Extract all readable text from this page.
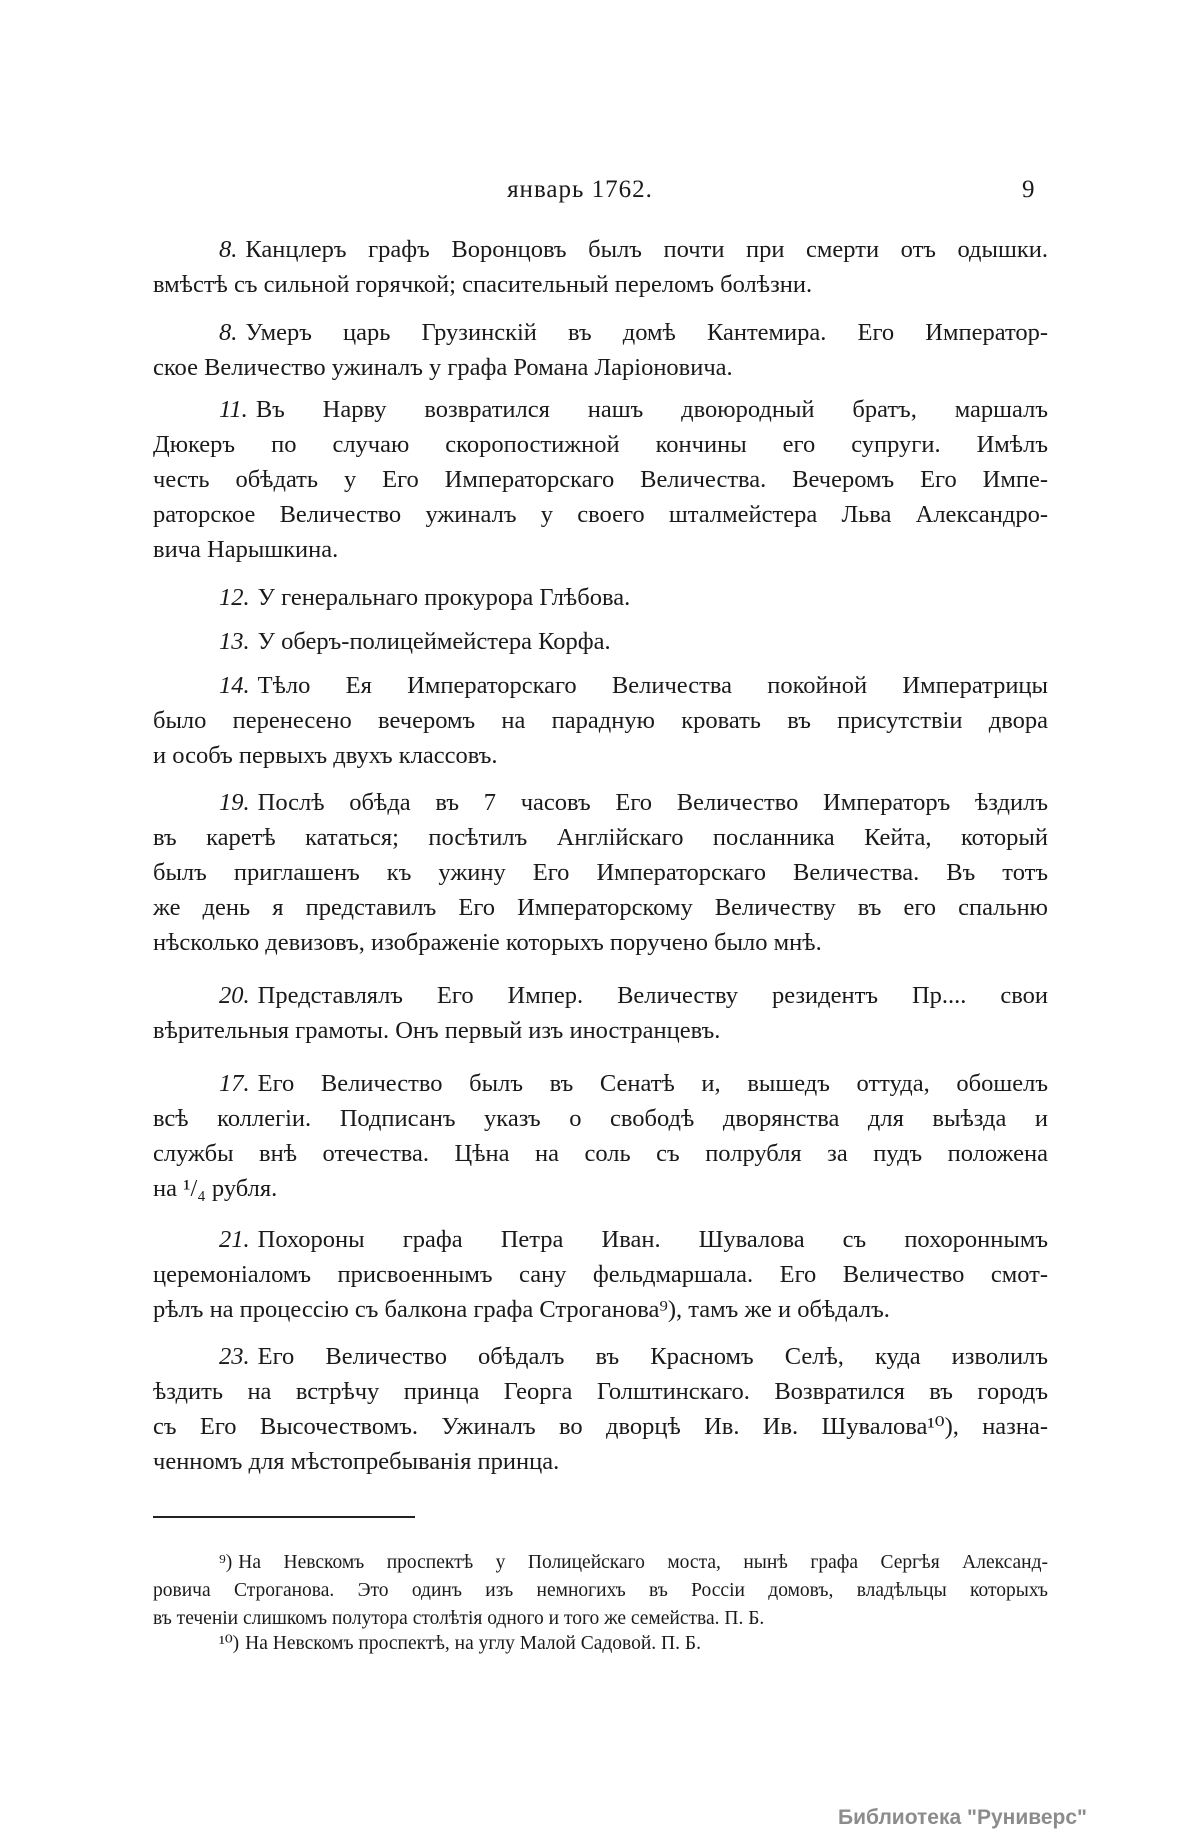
январь 1762.	9
8. Канцлеръ графъ Воронцовъ былъ почти при смерти отъ одышки.
вмѣстѣ съ сильной горячкой; спасительный переломъ болѣзни.
8. Умеръ царь Грузинскій въ домѣ Кантемира. Его Император-
ское Величество ужиналъ у графа Романа Ларіоновича.
11. Въ Нарву возвратился нашъ двоюродный братъ, маршалъ
Дюкеръ по случаю скоропостижной кончины его супруги. Имѣлъ
честь обѣдать у Его Императорскаго Величества. Вечеромъ Его Импе-
раторское Величество ужиналъ у своего шталмейстера Льва Александро-
вича Нарышкина.
12. У генеральнаго прокурора Глѣбова.
13. У оберъ-полицеймейстера Корфа.
14. Тѣло Ея Императорскаго Величества покойной Императрицы
было перенесено вечеромъ на парадную кровать въ присутствіи двора
и особъ первыхъ двухъ классовъ.
19. Послѣ обѣда въ 7 часовъ Его Величество Императоръ ѣздилъ
въ каретѣ кататься; посѣтилъ Англійскаго посланника Кейта, который
былъ приглашенъ къ ужину Его Императорскаго Величества. Въ тотъ
же день я представилъ Его Императорскому Величеству въ его спальню
нѣсколько девизовъ, изображеніе которыхъ поручено было мнѣ.
20. Представлялъ Его Импер. Величеству резидентъ Пр.... свои
вѣрительныя грамоты. Онъ первый изъ иностранцевъ.
17. Его Величество былъ въ Сенатѣ и, вышедъ оттуда, обошелъ
всѣ коллегіи. Подписанъ указъ о свободѣ дворянства для выѣзда и
службы внѣ отечества. Цѣна на соль съ полрубля за пудъ положена
на ¹/₄ рубля.
21. Похороны графа Петра Иван. Шувалова съ похороннымъ
церемоніаломъ присвоеннымъ сану фельдмаршала. Его Величество смот-
рѣлъ на процессію съ балкона графа Строганова⁹), тамъ же и обѣдалъ.
23. Его Величество обѣдалъ въ Красномъ Селѣ, куда изволилъ
ѣздить на встрѣчу принца Георга Голштинскаго. Возвратился въ городъ
съ Его Высочествомъ. Ужиналъ во дворцѣ Ив. Ив. Шувалова¹⁰), назна-
ченномъ для мѣстопребыванія принца.
⁹) На Невскомъ проспектѣ у Полицейскаго моста, нынѣ графа Сергѣя Александ-
ровича Строганова. Это одинъ изъ немногихъ въ Россіи домовъ, владѣльцы которыхъ
въ теченіи слишкомъ полутора столѣтія одного и того же семейства. П. Б.
¹⁰) На Невскомъ проспектѣ, на углу Малой Садовой. П. Б.
Библиотека "Руниверс"
